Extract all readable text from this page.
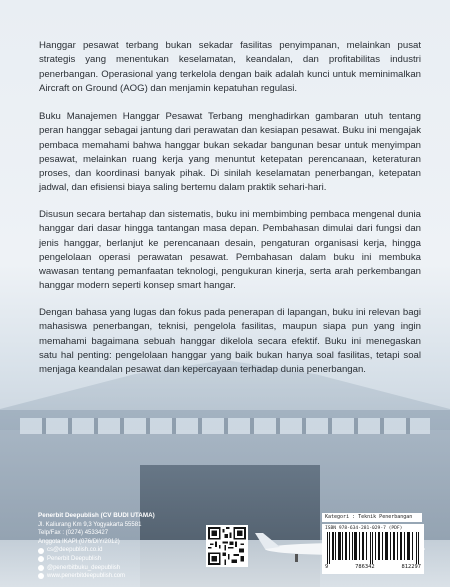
Hanggar pesawat terbang bukan sekadar fasilitas penyimpanan, melainkan pusat strategis yang menentukan keselamatan, keandalan, dan profitabilitas industri penerbangan. Operasional yang terkelola dengan baik adalah kunci untuk meminimalkan Aircraft on Ground (AOG) dan menjamin kepatuhan regulasi.

Buku Manajemen Hanggar Pesawat Terbang menghadirkan gambaran utuh tentang peran hanggar sebagai jantung dari perawatan dan kesiapan pesawat. Buku ini mengajak pembaca memahami bahwa hanggar bukan sekadar bangunan besar untuk menyimpan pesawat, melainkan ruang kerja yang menuntut ketepatan perencanaan, keteraturan proses, dan koordinasi banyak pihak. Di sinilah keselamatan penerbangan, ketepatan jadwal, dan efisiensi biaya saling bertemu dalam praktik sehari-hari.

Disusun secara bertahap dan sistematis, buku ini membimbing pembaca mengenal dunia hanggar dari dasar hingga tantangan masa depan. Pembahasan dimulai dari fungsi dan jenis hanggar, berlanjut ke perencanaan desain, pengaturan organisasi kerja, hingga pengelolaan operasi perawatan pesawat. Pembahasan dalam buku ini membuka wawasan tentang pemanfaatan teknologi, pengukuran kinerja, serta arah perkembangan hanggar modern seperti konsep smart hangar.

Dengan bahasa yang lugas dan fokus pada penerapan di lapangan, buku ini relevan bagi mahasiswa penerbangan, teknisi, pengelola fasilitas, maupun siapa pun yang ingin memahami bagaimana sebuah hanggar dikelola secara efektif. Buku ini menegaskan satu hal penting: pengelolaan hanggar yang baik bukan hanya soal fasilitas, tetapi soal menjaga keandalan pesawat dan kepercayaan terhadap dunia penerbangan.

Penerbit Deepublish (CV BUDI UTAMA)
Jl. Kaliurang Km 9,3 Yogyakarta 55581
Telp/Fax : (0274) 4533427
Anggota IKAPI (076/DIY/2012)
cs@deepublish.co.id
Penerbit Deepublish
@penerbitbuku_deepublish
www.penerbitdeepublish.com
Kategori : Teknik Penerbangan
ISBN 978-634-281-029-7 (PDF)
9	786342	812297
